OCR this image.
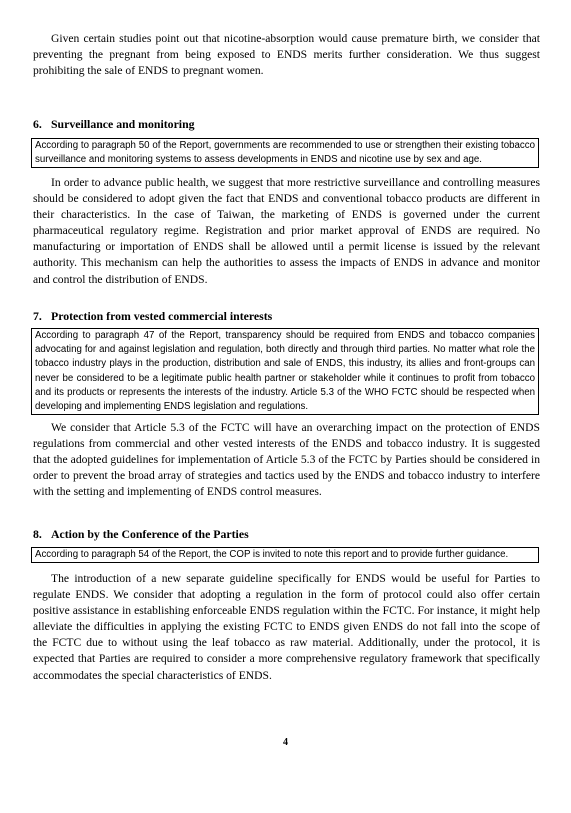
Given certain studies point out that nicotine-absorption would cause premature birth, we consider that preventing the pregnant from being exposed to ENDS merits further consideration. We thus suggest prohibiting the sale of ENDS to pregnant women.

6. Surveillance and monitoring

According to paragraph 50 of the Report, governments are recommended to use or strengthen their existing tobacco surveillance and monitoring systems to assess developments in ENDS and nicotine use by sex and age.

In order to advance public health, we suggest that more restrictive surveillance and controlling measures should be considered to adopt given the fact that ENDS and conventional tobacco products are different in their characteristics. In the case of Taiwan, the marketing of ENDS is governed under the current pharmaceutical regulatory regime. Registration and prior market approval of ENDS are required. No manufacturing or importation of ENDS shall be allowed until a permit license is issued by the relevant authority. This mechanism can help the authorities to assess the impacts of ENDS in advance and monitor and control the distribution of ENDS.

7. Protection from vested commercial interests

According to paragraph 47 of the Report, transparency should be required from ENDS and tobacco companies advocating for and against legislation and regulation, both directly and through third parties. No matter what role the tobacco industry plays in the production, distribution and sale of ENDS, this industry, its allies and front-groups can never be considered to be a legitimate public health partner or stakeholder while it continues to profit from tobacco and its products or represents the interests of the industry. Article 5.3 of the WHO FCTC should be respected when developing and implementing ENDS legislation and regulations.

We consider that Article 5.3 of the FCTC will have an overarching impact on the protection of ENDS regulations from commercial and other vested interests of the ENDS and tobacco industry. It is suggested that the adopted guidelines for implementation of Article 5.3 of the FCTC by Parties should be considered in order to prevent the broad array of strategies and tactics used by the ENDS and tobacco industry to interfere with the setting and implementing of ENDS control measures.

8. Action by the Conference of the Parties

According to paragraph 54 of the Report, the COP is invited to note this report and to provide further guidance.

The introduction of a new separate guideline specifically for ENDS would be useful for Parties to regulate ENDS. We consider that adopting a regulation in the form of protocol could also offer certain positive assistance in establishing enforceable ENDS regulation within the FCTC. For instance, it might help alleviate the difficulties in applying the existing FCTC to ENDS given ENDS do not fall into the scope of the FCTC due to without using the leaf tobacco as raw material. Additionally, under the protocol, it is expected that Parties are required to consider a more comprehensive regulatory framework that specifically accommodates the special characteristics of ENDS.

4
